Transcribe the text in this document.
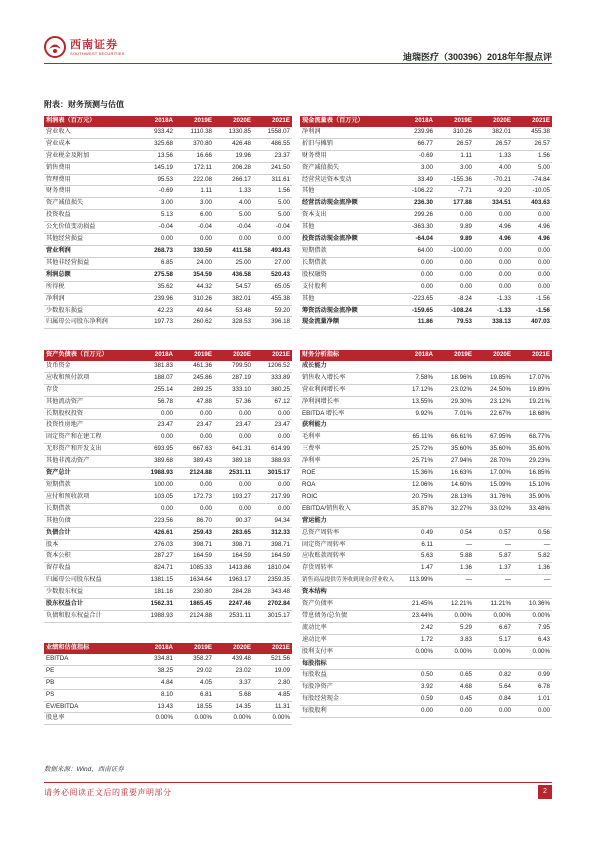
西南证券
SOUTHWEST SECURITIES	迪瑞医疗（300396）2018年年报点评
附表：财务预测与估值
利润表（百万元）	2018A	2019E	2020E	2021E
营业收入	933.42	1110.38	1330.85	1558.07
营业成本	325.68	370.80	426.48	486.55
营业税金及附加	13.56	16.66	19.96	23.37
销售费用	145.19	172.11	206.28	241.50
管理费用	95.53	222.08	266.17	311.61
财务费用	-0.69	1.11	1.33	1.56
资产减值损失	3.00	3.00	4.00	5.00
投资收益	5.13	6.00	5.00	5.00
公允价值变动损益	-0.04	-0.04	-0.04	-0.04
其他经营损益	0.00	0.00	0.00	0.00
营业利润	268.73	330.59	411.58	493.43
其他非经营损益	6.85	24.00	25.00	27.00
利润总额	275.58	354.59	436.58	520.43
所得税	35.62	44.32	54.57	65.05
净利润	239.96	310.26	382.01	455.38
少数股东损益	42.23	49.64	53.48	59.20
归属母公司股东净利润	197.73	260.62	328.53	396.18
现金流量表（百万元）	2018A	2019E	2020E	2021E
净利润	239.96	310.26	382.01	455.38
折旧与摊销	66.77	26.57	26.57	26.57
财务费用	-0.69	1.11	1.33	1.56
资产减值损失	3.00	3.00	4.00	5.00
经营营运资本变动	33.49	-155.36	-70.21	-74.84
其他	-106.22	-7.71	-9.20	-10.05
经营活动现金流净额	236.30	177.88	334.51	403.63
资本支出	299.26	0.00	0.00	0.00
其他	-363.30	9.89	4.96	4.96
投资活动现金流净额	-64.04	9.89	4.96	4.96
短期借款	64.00	-100.00	0.00	0.00
长期借款	0.00	0.00	0.00	0.00
股权融资	0.00	0.00	0.00	0.00
支付股利	0.00	0.00	0.00	0.00
其他	-223.65	-8.24	-1.33	-1.56
筹资活动现金流净额	-159.65	-108.24	-1.33	-1.56
现金流量净额	11.86	79.53	338.13	407.03
资产负债表（百万元）	2018A	2019E	2020E	2021E
货币资金	381.83	461.36	799.50	1206.52
应收和预付款项	188.07	245.86	287.19	333.89
存货	255.14	289.25	333.10	380.25
其他流动资产	56.78	47.88	57.36	67.12
长期股权投资	0.00	0.00	0.00	0.00
投资性房地产	23.47	23.47	23.47	23.47
固定资产和在建工程	0.00	0.00	0.00	0.00
无形资产和开发支出	693.95	667.63	641.31	614.99
其他非流动资产	389.68	389.43	389.18	388.93
资产总计	1988.93	2124.88	2531.11	3015.17
短期借款	100.00	0.00	0.00	0.00
应付和预收款项	103.05	172.73	193.27	217.99
长期借款	0.00	0.00	0.00	0.00
其他负债	223.56	86.70	90.37	94.34
负债合计	426.61	259.43	283.65	312.33
股本	276.03	398.71	398.71	398.71
资本公积	287.27	164.59	164.59	164.59
留存收益	824.71	1085.33	1413.86	1810.04
归属母公司股东权益	1381.15	1634.64	1963.17	2359.35
少数股东权益	181.16	230.80	284.28	343.48
股东权益合计	1562.31	1865.45	2247.46	2702.84
负债和股东权益合计	1988.93	2124.88	2531.11	3015.17
财务分析指标	2018A	2019E	2020E	2021E
成长能力				
销售收入增长率	7.58%	18.96%	19.85%	17.07%
营业利润增长率	17.12%	23.02%	24.50%	19.89%
净利润增长率	13.55%	29.30%	23.12%	19.21%
EBITDA 增长率	9.92%	7.01%	22.67%	18.68%
获利能力				
毛利率	65.11%	66.61%	67.95%	68.77%
三费率	25.72%	35.60%	35.60%	35.60%
净利率	25.71%	27.94%	28.70%	29.23%
ROE	15.36%	16.63%	17.00%	16.85%
ROA	12.06%	14.60%	15.09%	15.10%
ROIC	20.75%	28.13%	31.76%	35.90%
EBITDA/销售收入	35.87%	32.27%	33.02%	33.48%
营运能力				
总资产周转率	0.49	0.54	0.57	0.56
固定资产周转率	6.11	—	—	—
应收账款周转率	5.63	5.88	5.87	5.82
存货周转率	1.47	1.36	1.37	1.36
销售商品提供劳务收到现金/营业收入	113.99%	—	—	—
资本结构				
资产负债率	21.45%	12.21%	11.21%	10.36%
带息债务/总负债	23.44%	0.00%	0.00%	0.00%
流动比率	2.42	5.29	6.67	7.95
速动比率	1.72	3.83	5.17	6.43
股利支付率	0.00%	0.00%	0.00%	0.00%
每股指标				
每股收益	0.50	0.65	0.82	0.99
每股净资产	3.92	4.68	5.64	6.78
每股经营现金	0.59	0.45	0.84	1.01
每股股利	0.00	0.00	0.00	0.00
业绩和估值指标	2018A	2019E	2020E	2021E
EBITDA	334.81	358.27	439.48	521.56
PE	38.25	29.02	23.02	19.09
PB	4.84	4.05	3.37	2.80
PS	8.10	6.81	5.68	4.85
EV/EBITDA	13.43	18.55	14.35	11.31
股息率	0.00%	0.00%	0.00%	0.00%
数据来源：Wind，西南证券
请务必阅读正文后的重要声明部分	2
